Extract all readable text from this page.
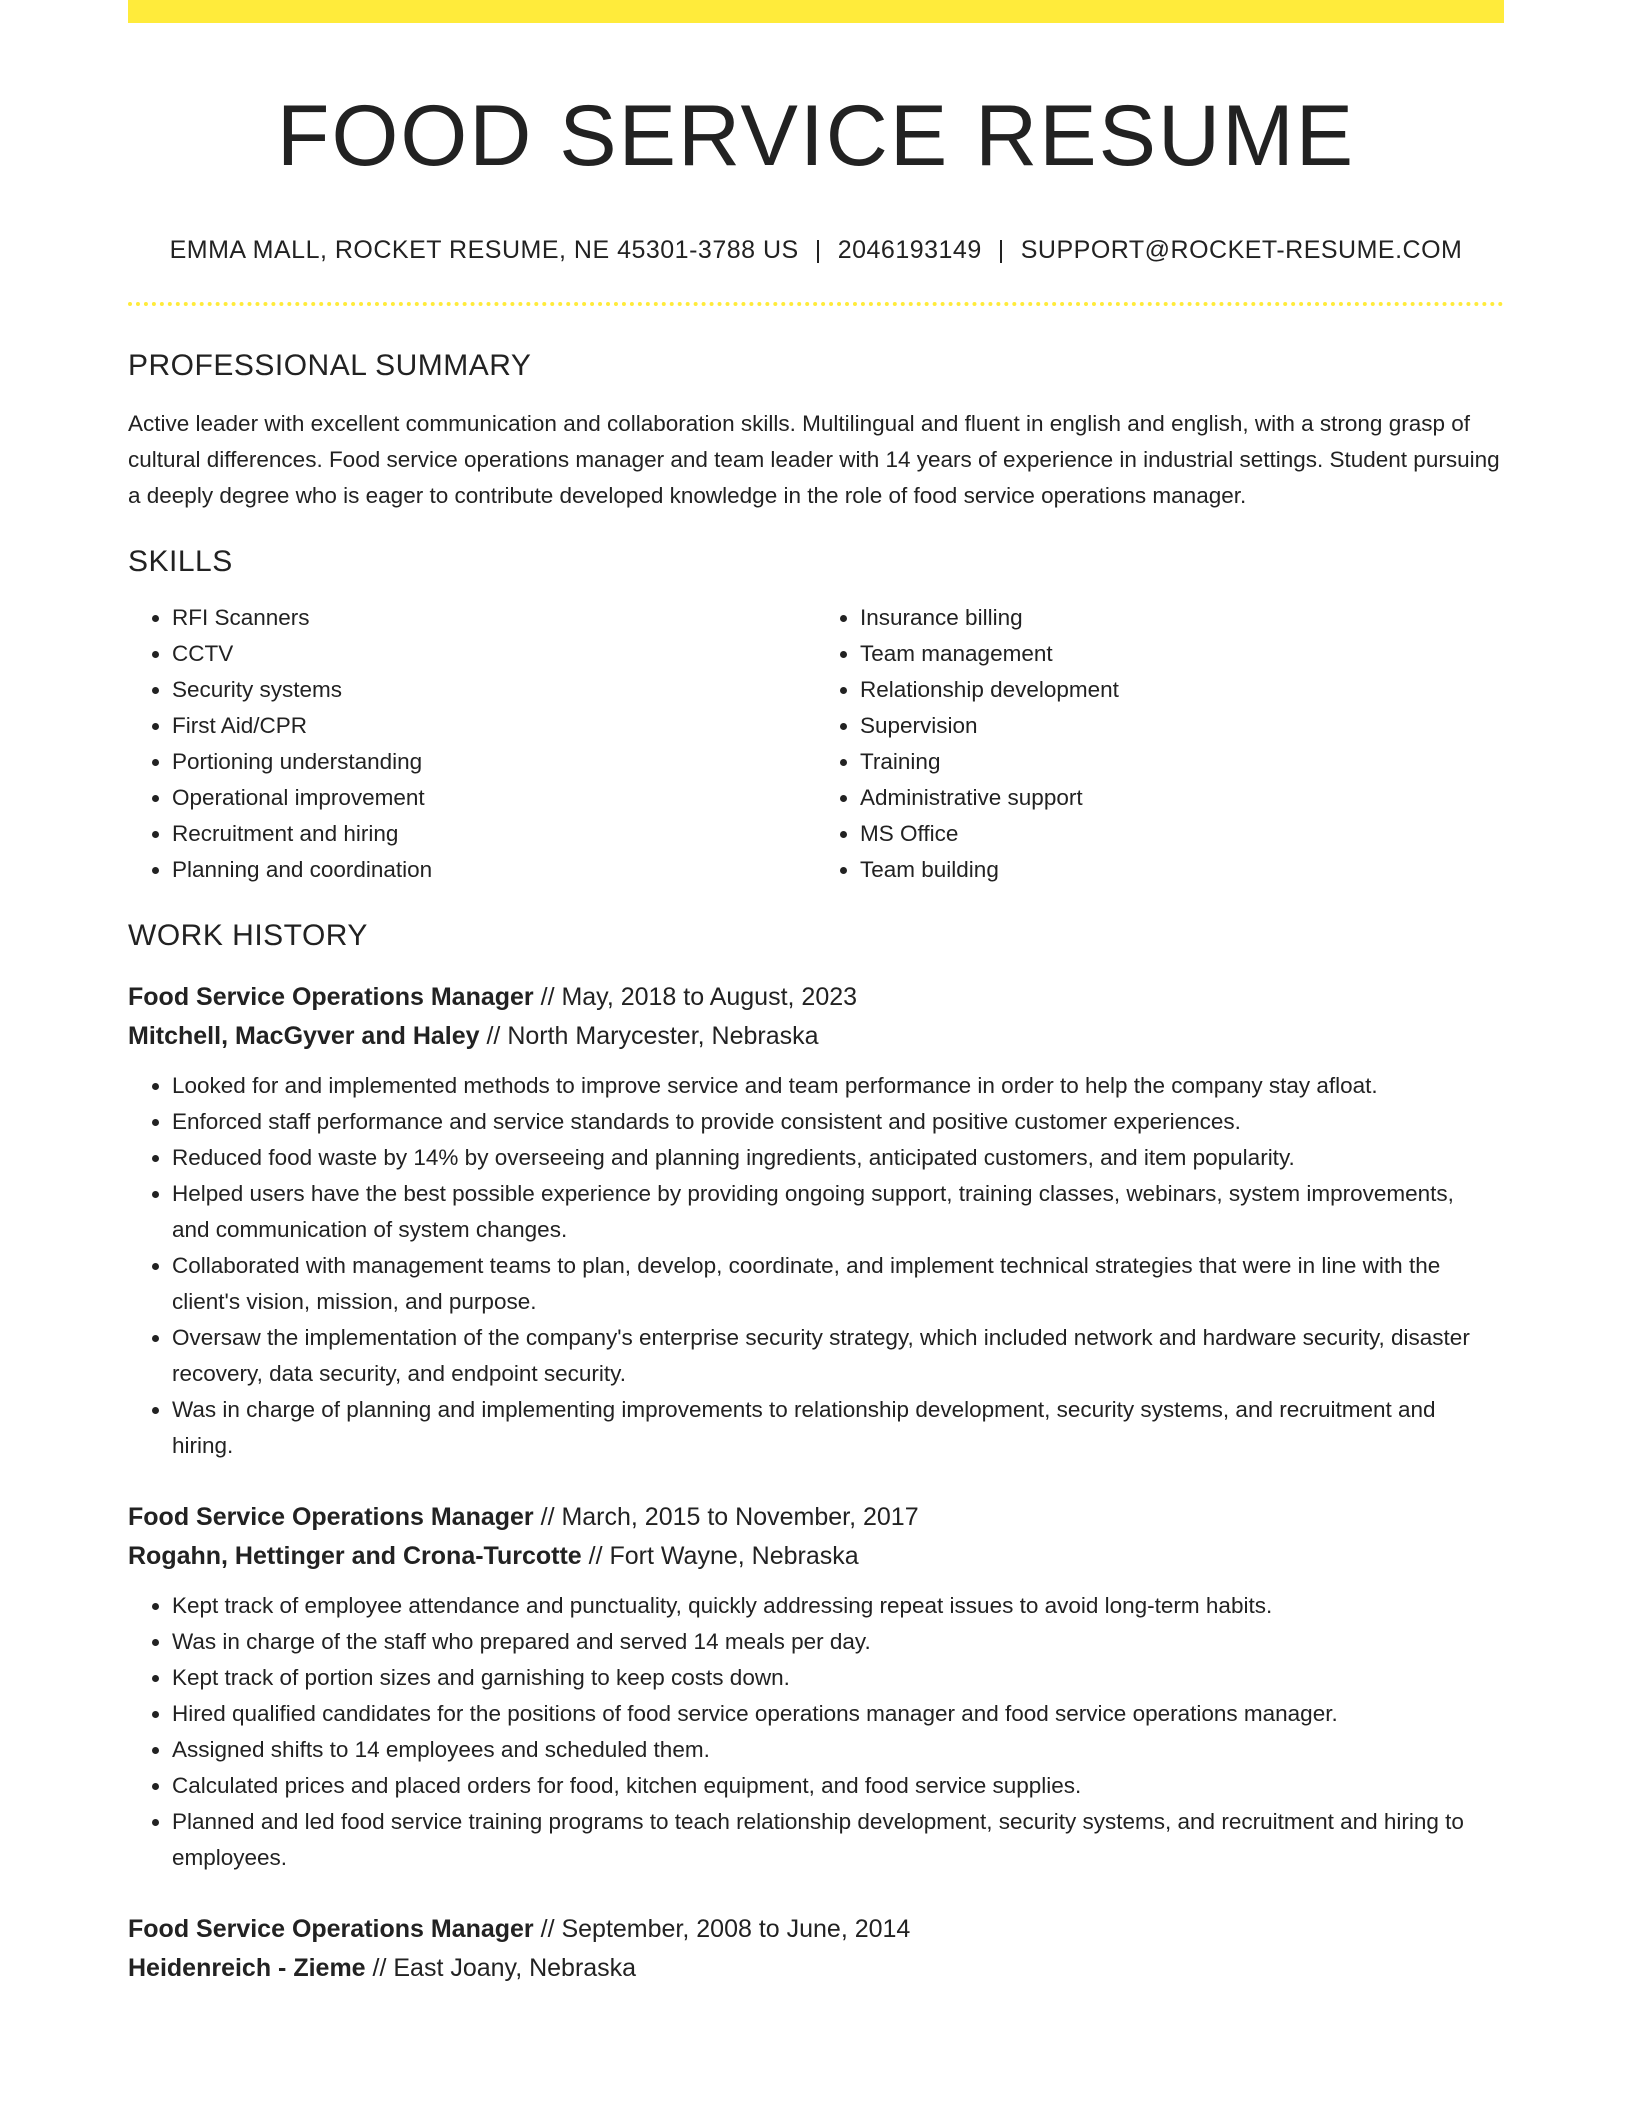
FOOD SERVICE RESUME
EMMA MALL, ROCKET RESUME, NE 45301-3788 US | 2046193149 | SUPPORT@ROCKET-RESUME.COM
PROFESSIONAL SUMMARY

Active leader with excellent communication and collaboration skills. Multilingual and fluent in english and english, with a strong grasp of cultural differences. Food service operations manager and team leader with 14 years of experience in industrial settings. Student pursuing a deeply degree who is eager to contribute developed knowledge in the role of food service operations manager.

SKILLS
• RFI Scanners
• CCTV
• Security systems
• First Aid/CPR
• Portioning understanding
• Operational improvement
• Recruitment and hiring
• Planning and coordination
• Insurance billing
• Team management
• Relationship development
• Supervision
• Training
• Administrative support
• MS Office
• Team building
WORK HISTORY
Food Service Operations Manager // May, 2018 to August, 2023
Mitchell, MacGyver and Haley // North Marycester, Nebraska
• Looked for and implemented methods to improve service and team performance in order to help the company stay afloat.
• Enforced staff performance and service standards to provide consistent and positive customer experiences.
• Reduced food waste by 14% by overseeing and planning ingredients, anticipated customers, and item popularity.
• Helped users have the best possible experience by providing ongoing support, training classes, webinars, system improvements, and communication of system changes.
• Collaborated with management teams to plan, develop, coordinate, and implement technical strategies that were in line with the client's vision, mission, and purpose.
• Oversaw the implementation of the company's enterprise security strategy, which included network and hardware security, disaster recovery, data security, and endpoint security.
• Was in charge of planning and implementing improvements to relationship development, security systems, and recruitment and hiring.
Food Service Operations Manager // March, 2015 to November, 2017
Rogahn, Hettinger and Crona-Turcotte // Fort Wayne, Nebraska
• Kept track of employee attendance and punctuality, quickly addressing repeat issues to avoid long-term habits.
• Was in charge of the staff who prepared and served 14 meals per day.
• Kept track of portion sizes and garnishing to keep costs down.
• Hired qualified candidates for the positions of food service operations manager and food service operations manager.
• Assigned shifts to 14 employees and scheduled them.
• Calculated prices and placed orders for food, kitchen equipment, and food service supplies.
• Planned and led food service training programs to teach relationship development, security systems, and recruitment and hiring to employees.
Food Service Operations Manager // September, 2008 to June, 2014
Heidenreich - Zieme // East Joany, Nebraska
